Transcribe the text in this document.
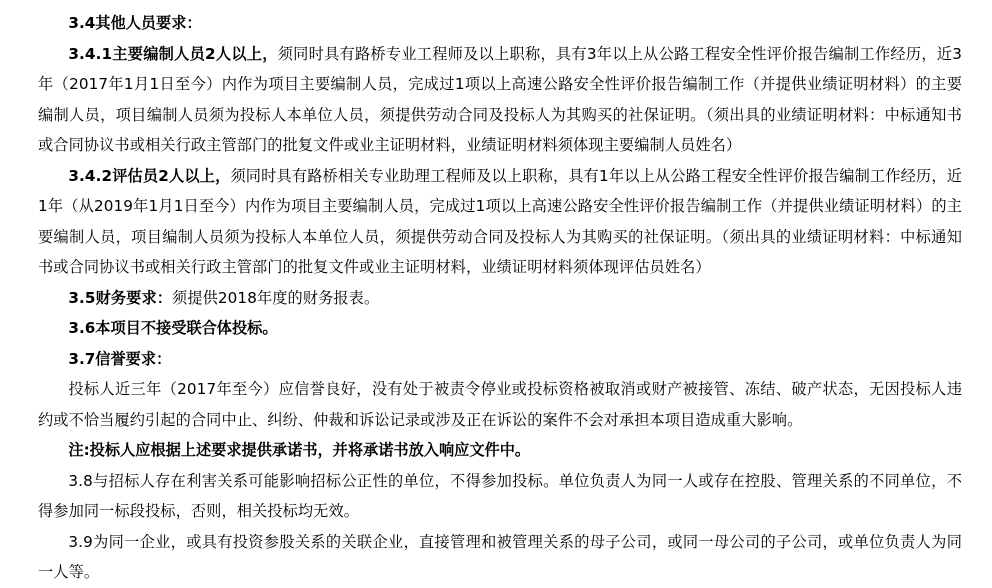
3.4其他人员要求：

3.4.1主要编制人员2人以上，须同时具有路桥专业工程师及以上职称，具有3年以上从公路工程安全性评价报告编制工作经历，近3年（2017年1月1日至今）内作为项目主要编制人员，完成过1项以上高速公路安全性评价报告编制工作（并提供业绩证明材料）的主要编制人员，项目编制人员须为投标人本单位人员，须提供劳动合同及投标人为其购买的社保证明。（须出具的业绩证明材料：中标通知书或合同协议书或相关行政主管部门的批复文件或业主证明材料，业绩证明材料须体现主要编制人员姓名）

3.4.2评估员2人以上，须同时具有路桥相关专业助理工程师及以上职称，具有1年以上从公路工程安全性评价报告编制工作经历，近1年（从2019年1月1日至今）内作为项目主要编制人员，完成过1项以上高速公路安全性评价报告编制工作（并提供业绩证明材料）的主要编制人员，项目编制人员须为投标人本单位人员，须提供劳动合同及投标人为其购买的社保证明。（须出具的业绩证明材料：中标通知书或合同协议书或相关行政主管部门的批复文件或业主证明材料，业绩证明材料须体现评估员姓名）

3.5财务要求：须提供2018年度的财务报表。

3.6本项目不接受联合体投标。

3.7信誉要求：

投标人近三年（2017年至今）应信誉良好，没有处于被责令停业或投标资格被取消或财产被接管、冻结、破产状态，无因投标人违约或不恰当履约引起的合同中止、纠纷、仲裁和诉讼记录或涉及正在诉讼的案件不会对承担本项目造成重大影响。

注:投标人应根据上述要求提供承诺书，并将承诺书放入响应文件中。

3.8与招标人存在利害关系可能影响招标公正性的单位，不得参加投标。单位负责人为同一人或存在控股、管理关系的不同单位，不得参加同一标段投标，否则，相关投标均无效。

3.9为同一企业，或具有投资参股关系的关联企业，直接管理和被管理关系的母子公司，或同一母公司的子公司，或单位负责人为同一人等。
